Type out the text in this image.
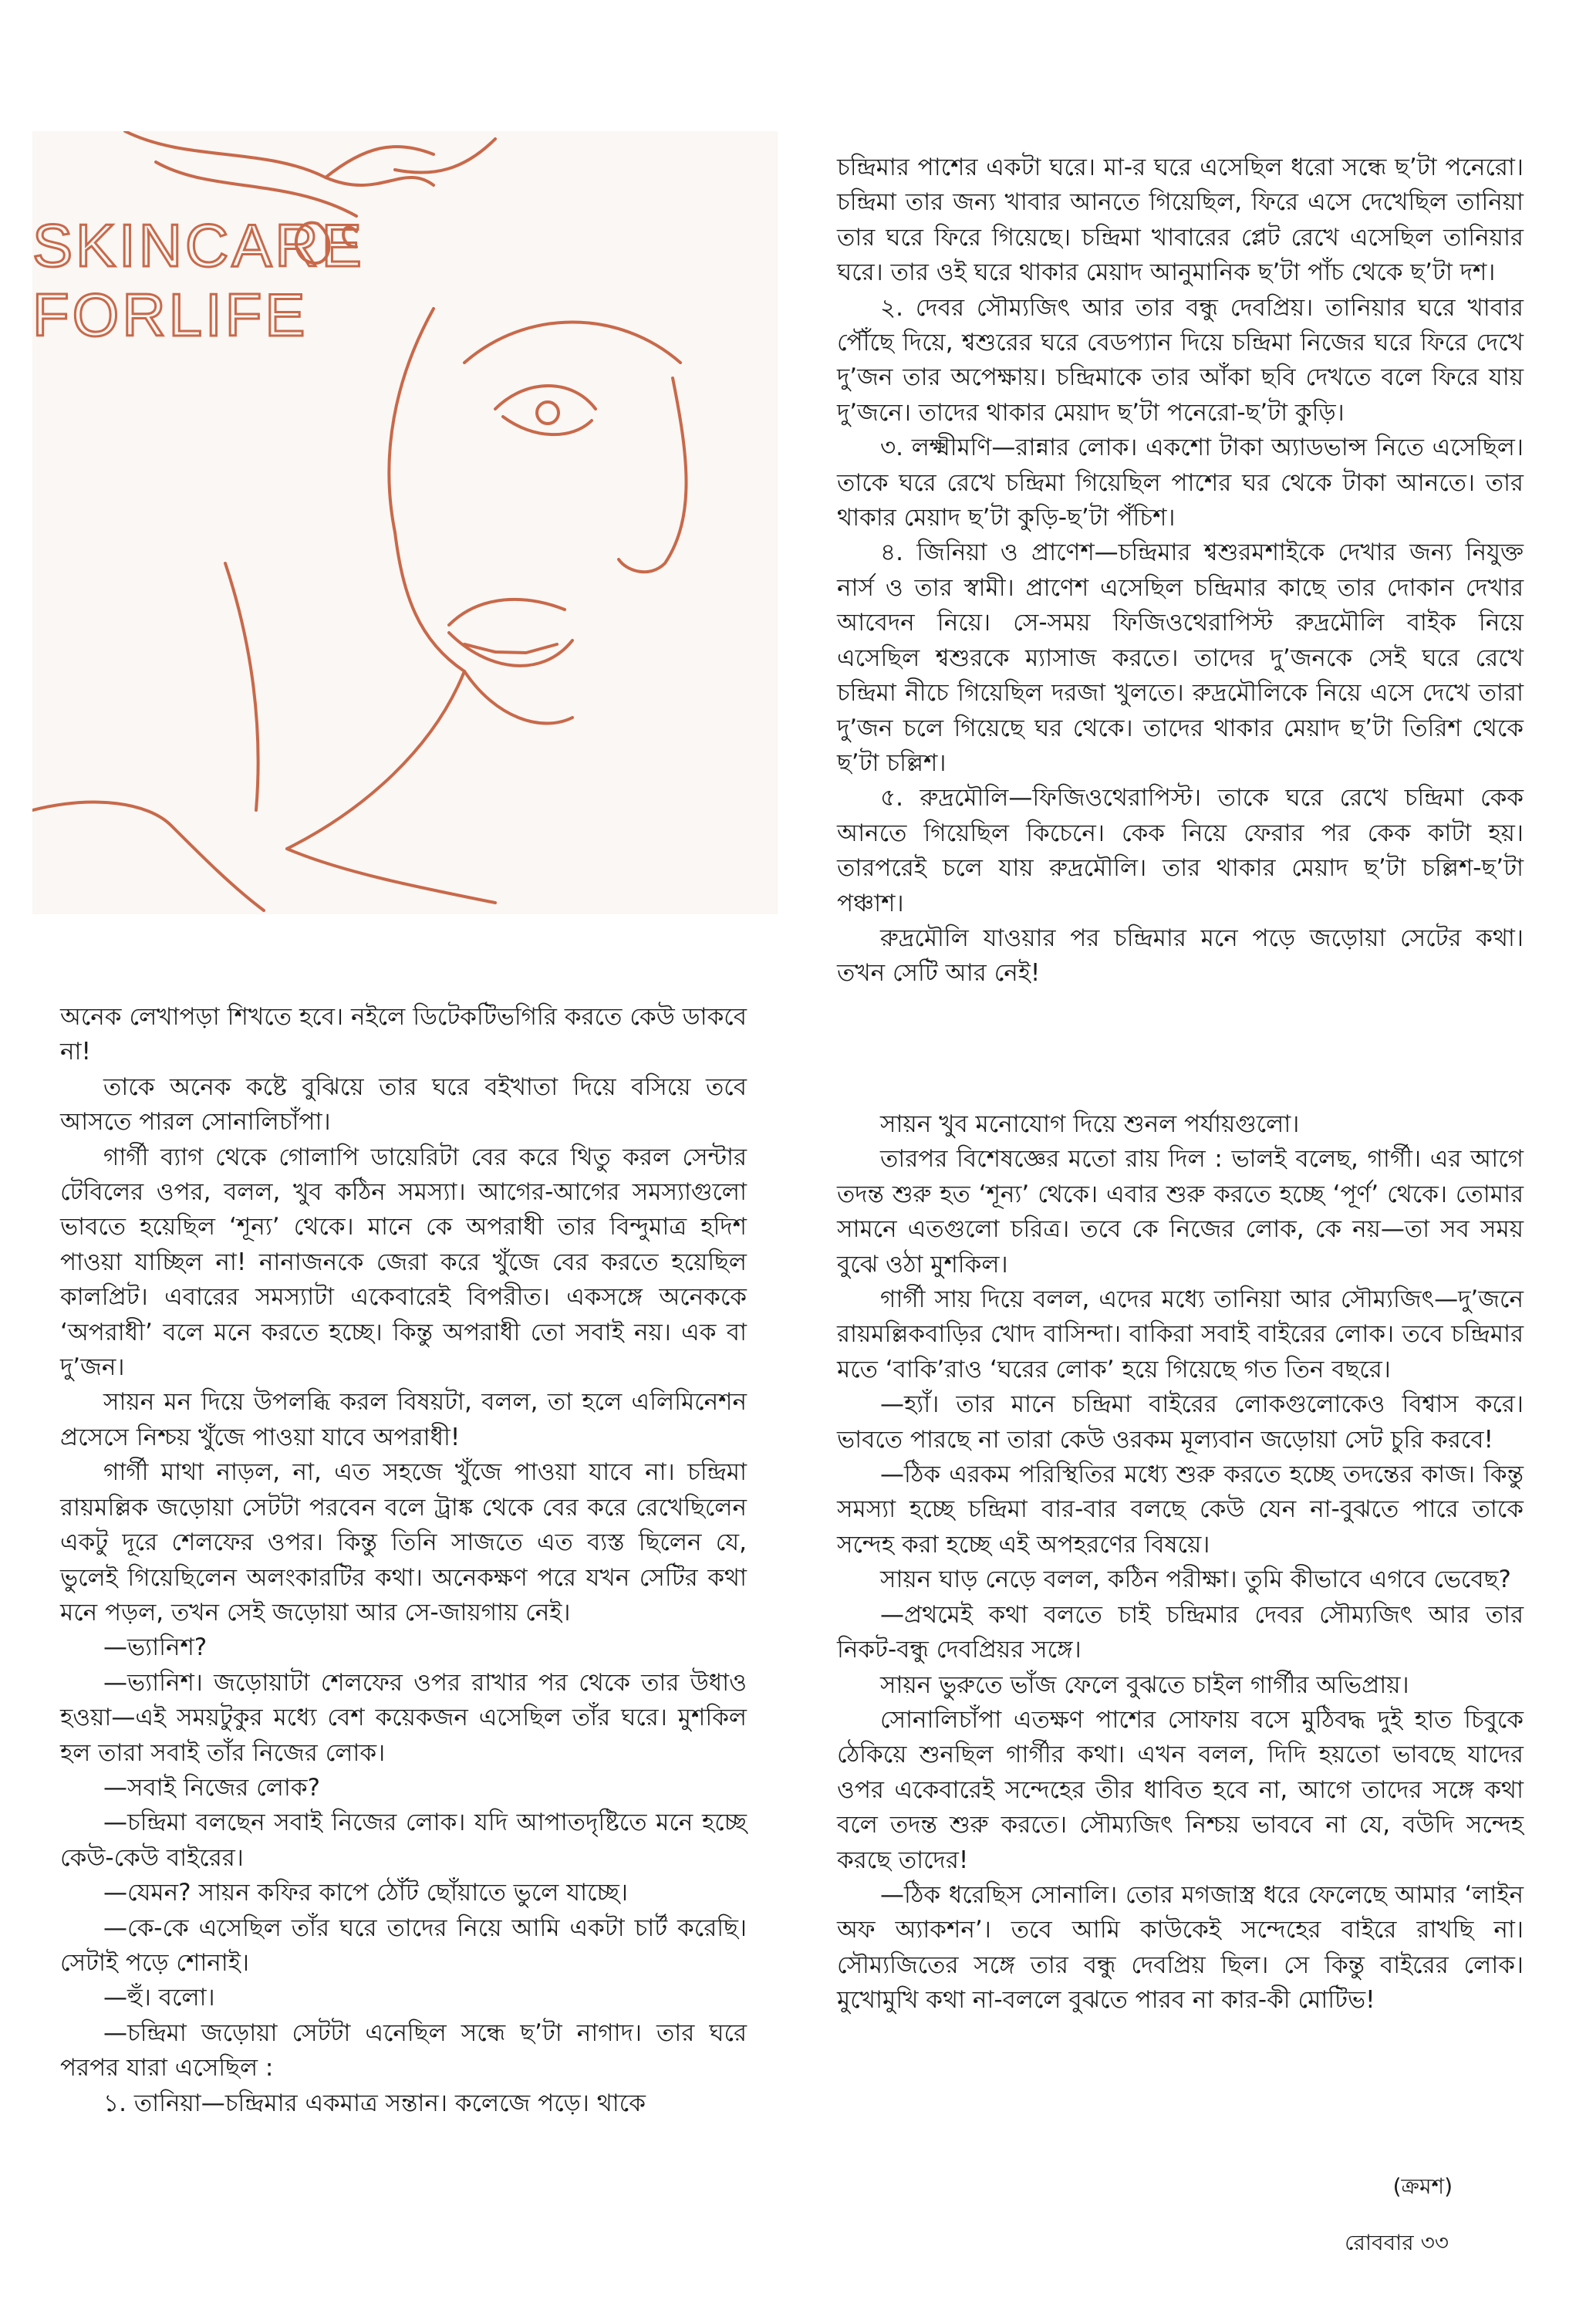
SKINCARE
FORLIFE

অনেক লেখাপড়া শিখতে হবে। নইলে ডিটেকটিভগিরি করতে কেউ ডাকবে না!

তাকে অনেক কষ্টে বুঝিয়ে তার ঘরে বইখাতা দিয়ে বসিয়ে তবে আসতে পারল সোনালিচাঁপা।

গার্গী ব্যাগ থেকে গোলাপি ডায়েরিটা বের করে থিতু করল সেন্টার টেবিলের ওপর, বলল, খুব কঠিন সমস্যা। আগের-আগের সমস্যাগুলো ভাবতে হয়েছিল ‘শূন্য’ থেকে। মানে কে অপরাধী তার বিন্দুমাত্র হদিশ পাওয়া যাচ্ছিল না! নানাজনকে জেরা করে খুঁজে বের করতে হয়েছিল কালপ্রিট। এবারের সমস্যাটা একেবারেই বিপরীত। একসঙ্গে অনেককে ‘অপরাধী’ বলে মনে করতে হচ্ছে। কিন্তু অপরাধী তো সবাই নয়। এক বা দু’জন।

সায়ন মন দিয়ে উপলব্ধি করল বিষয়টা, বলল, তা হলে এলিমিনেশন প্রসেসে নিশ্চয় খুঁজে পাওয়া যাবে অপরাধী!

গার্গী মাথা নাড়ল, না, এত সহজে খুঁজে পাওয়া যাবে না। চন্দ্রিমা রায়মল্লিক জড়োয়া সেটটা পরবেন বলে ট্রাঙ্ক থেকে বের করে রেখেছিলেন একটু দূরে শেলফের ওপর। কিন্তু তিনি সাজতে এত ব্যস্ত ছিলেন যে, ভুলেই গিয়েছিলেন অলংকারটির কথা। অনেকক্ষণ পরে যখন সেটির কথা মনে পড়ল, তখন সেই জড়োয়া আর সে-জায়গায় নেই।

—ভ্যানিশ?

—ভ্যানিশ। জড়োয়াটা শেলফের ওপর রাখার পর থেকে তার উধাও হওয়া—এই সময়টুকুর মধ্যে বেশ কয়েকজন এসেছিল তাঁর ঘরে। মুশকিল হল তারা সবাই তাঁর নিজের লোক।

—সবাই নিজের লোক?

—চন্দ্রিমা বলছেন সবাই নিজের লোক। যদি আপাতদৃষ্টিতে মনে হচ্ছে কেউ-কেউ বাইরের।

—যেমন? সায়ন কফির কাপে ঠোঁট ছোঁয়াতে ভুলে যাচ্ছে।

—কে-কে এসেছিল তাঁর ঘরে তাদের নিয়ে আমি একটা চার্ট করেছি। সেটাই পড়ে শোনাই।

—হুঁ। বলো।

—চন্দ্রিমা জড়োয়া সেটটা এনেছিল সন্ধে ছ’টা নাগাদ। তার ঘরে পরপর যারা এসেছিল :

১. তানিয়া—চন্দ্রিমার একমাত্র সন্তান। কলেজে পড়ে। থাকে

চন্দ্রিমার পাশের একটা ঘরে। মা-র ঘরে এসেছিল ধরো সন্ধে ছ’টা পনেরো। চন্দ্রিমা তার জন্য খাবার আনতে গিয়েছিল, ফিরে এসে দেখেছিল তানিয়া তার ঘরে ফিরে গিয়েছে। চন্দ্রিমা খাবারের প্লেট রেখে এসেছিল তানিয়ার ঘরে। তার ওই ঘরে থাকার মেয়াদ আনুমানিক ছ’টা পাঁচ থেকে ছ’টা দশ।

২. দেবর সৌম্যজিৎ আর তার বন্ধু দেবপ্রিয়। তানিয়ার ঘরে খাবার পৌঁছে দিয়ে, শ্বশুরের ঘরে বেডপ্যান দিয়ে চন্দ্রিমা নিজের ঘরে ফিরে দেখে দু’জন তার অপেক্ষায়। চন্দ্রিমাকে তার আঁকা ছবি দেখতে বলে ফিরে যায় দু’জনে। তাদের থাকার মেয়াদ ছ’টা পনেরো-ছ’টা কুড়ি।

৩. লক্ষ্মীমণি—রান্নার লোক। একশো টাকা অ্যাডভান্স নিতে এসেছিল। তাকে ঘরে রেখে চন্দ্রিমা গিয়েছিল পাশের ঘর থেকে টাকা আনতে। তার থাকার মেয়াদ ছ’টা কুড়ি-ছ’টা পঁচিশ।

৪. জিনিয়া ও প্রাণেশ—চন্দ্রিমার শ্বশুরমশাইকে দেখার জন্য নিযুক্ত নার্স ও তার স্বামী। প্রাণেশ এসেছিল চন্দ্রিমার কাছে তার দোকান দেখার আবেদন নিয়ে। সে-সময় ফিজিওথেরাপিস্ট রুদ্রমৌলি বাইক নিয়ে এসেছিল শ্বশুরকে ম্যাসাজ করতে। তাদের দু’জনকে সেই ঘরে রেখে চন্দ্রিমা নীচে গিয়েছিল দরজা খুলতে। রুদ্রমৌলিকে নিয়ে এসে দেখে তারা দু’জন চলে গিয়েছে ঘর থেকে। তাদের থাকার মেয়াদ ছ’টা তিরিশ থেকে ছ’টা চল্লিশ।

৫. রুদ্রমৌলি—ফিজিওথেরাপিস্ট। তাকে ঘরে রেখে চন্দ্রিমা কেক আনতে গিয়েছিল কিচেনে। কেক নিয়ে ফেরার পর কেক কাটা হয়। তারপরেই চলে যায় রুদ্রমৌলি। তার থাকার মেয়াদ ছ’টা চল্লিশ-ছ’টা পঞ্চাশ।

রুদ্রমৌলি যাওয়ার পর চন্দ্রিমার মনে পড়ে জড়োয়া সেটের কথা। তখন সেটি আর নেই!

সায়ন খুব মনোযোগ দিয়ে শুনল পর্যায়গুলো।

তারপর বিশেষজ্ঞের মতো রায় দিল : ভালই বলেছ, গার্গী। এর আগে তদন্ত শুরু হত ‘শূন্য’ থেকে। এবার শুরু করতে হচ্ছে ‘পূর্ণ’ থেকে। তোমার সামনে এতগুলো চরিত্র। তবে কে নিজের লোক, কে নয়—তা সব সময় বুঝে ওঠা মুশকিল।

গার্গী সায় দিয়ে বলল, এদের মধ্যে তানিয়া আর সৌম্যজিৎ—দু’জনে রায়মল্লিকবাড়ির খোদ বাসিন্দা। বাকিরা সবাই বাইরের লোক। তবে চন্দ্রিমার মতে ‘বাকি’রাও ‘ঘরের লোক’ হয়ে গিয়েছে গত তিন বছরে।

—হ্যাঁ। তার মানে চন্দ্রিমা বাইরের লোকগুলোকেও বিশ্বাস করে। ভাবতে পারছে না তারা কেউ ওরকম মূল্যবান জড়োয়া সেট চুরি করবে!

—ঠিক এরকম পরিস্থিতির মধ্যে শুরু করতে হচ্ছে তদন্তের কাজ। কিন্তু সমস্যা হচ্ছে চন্দ্রিমা বার-বার বলছে কেউ যেন না-বুঝতে পারে তাকে সন্দেহ করা হচ্ছে এই অপহরণের বিষয়ে।

সায়ন ঘাড় নেড়ে বলল, কঠিন পরীক্ষা। তুমি কীভাবে এগবে ভেবেছ?

—প্রথমেই কথা বলতে চাই চন্দ্রিমার দেবর সৌম্যজিৎ আর তার নিকট-বন্ধু দেবপ্রিয়র সঙ্গে।

সায়ন ভুরুতে ভাঁজ ফেলে বুঝতে চাইল গার্গীর অভিপ্রায়।

সোনালিচাঁপা এতক্ষণ পাশের সোফায় বসে মুঠিবদ্ধ দুই হাত চিবুকে ঠেকিয়ে শুনছিল গার্গীর কথা। এখন বলল, দিদি হয়তো ভাবছে যাদের ওপর একেবারেই সন্দেহের তীর ধাবিত হবে না, আগে তাদের সঙ্গে কথা বলে তদন্ত শুরু করতে। সৌম্যজিৎ নিশ্চয় ভাববে না যে, বউদি সন্দেহ করছে তাদের!

—ঠিক ধরেছিস সোনালি। তোর মগজাস্ত্র ধরে ফেলেছে আমার ‘লাইন অফ অ্যাকশন’। তবে আমি কাউকেই সন্দেহের বাইরে রাখছি না। সৌম্যজিতের সঙ্গে তার বন্ধু দেবপ্রিয় ছিল। সে কিন্তু বাইরের লোক। মুখোমুখি কথা না-বললে বুঝতে পারব না কার-কী মোটিভ!

(ক্রমশ)
রোববার ৩৩
